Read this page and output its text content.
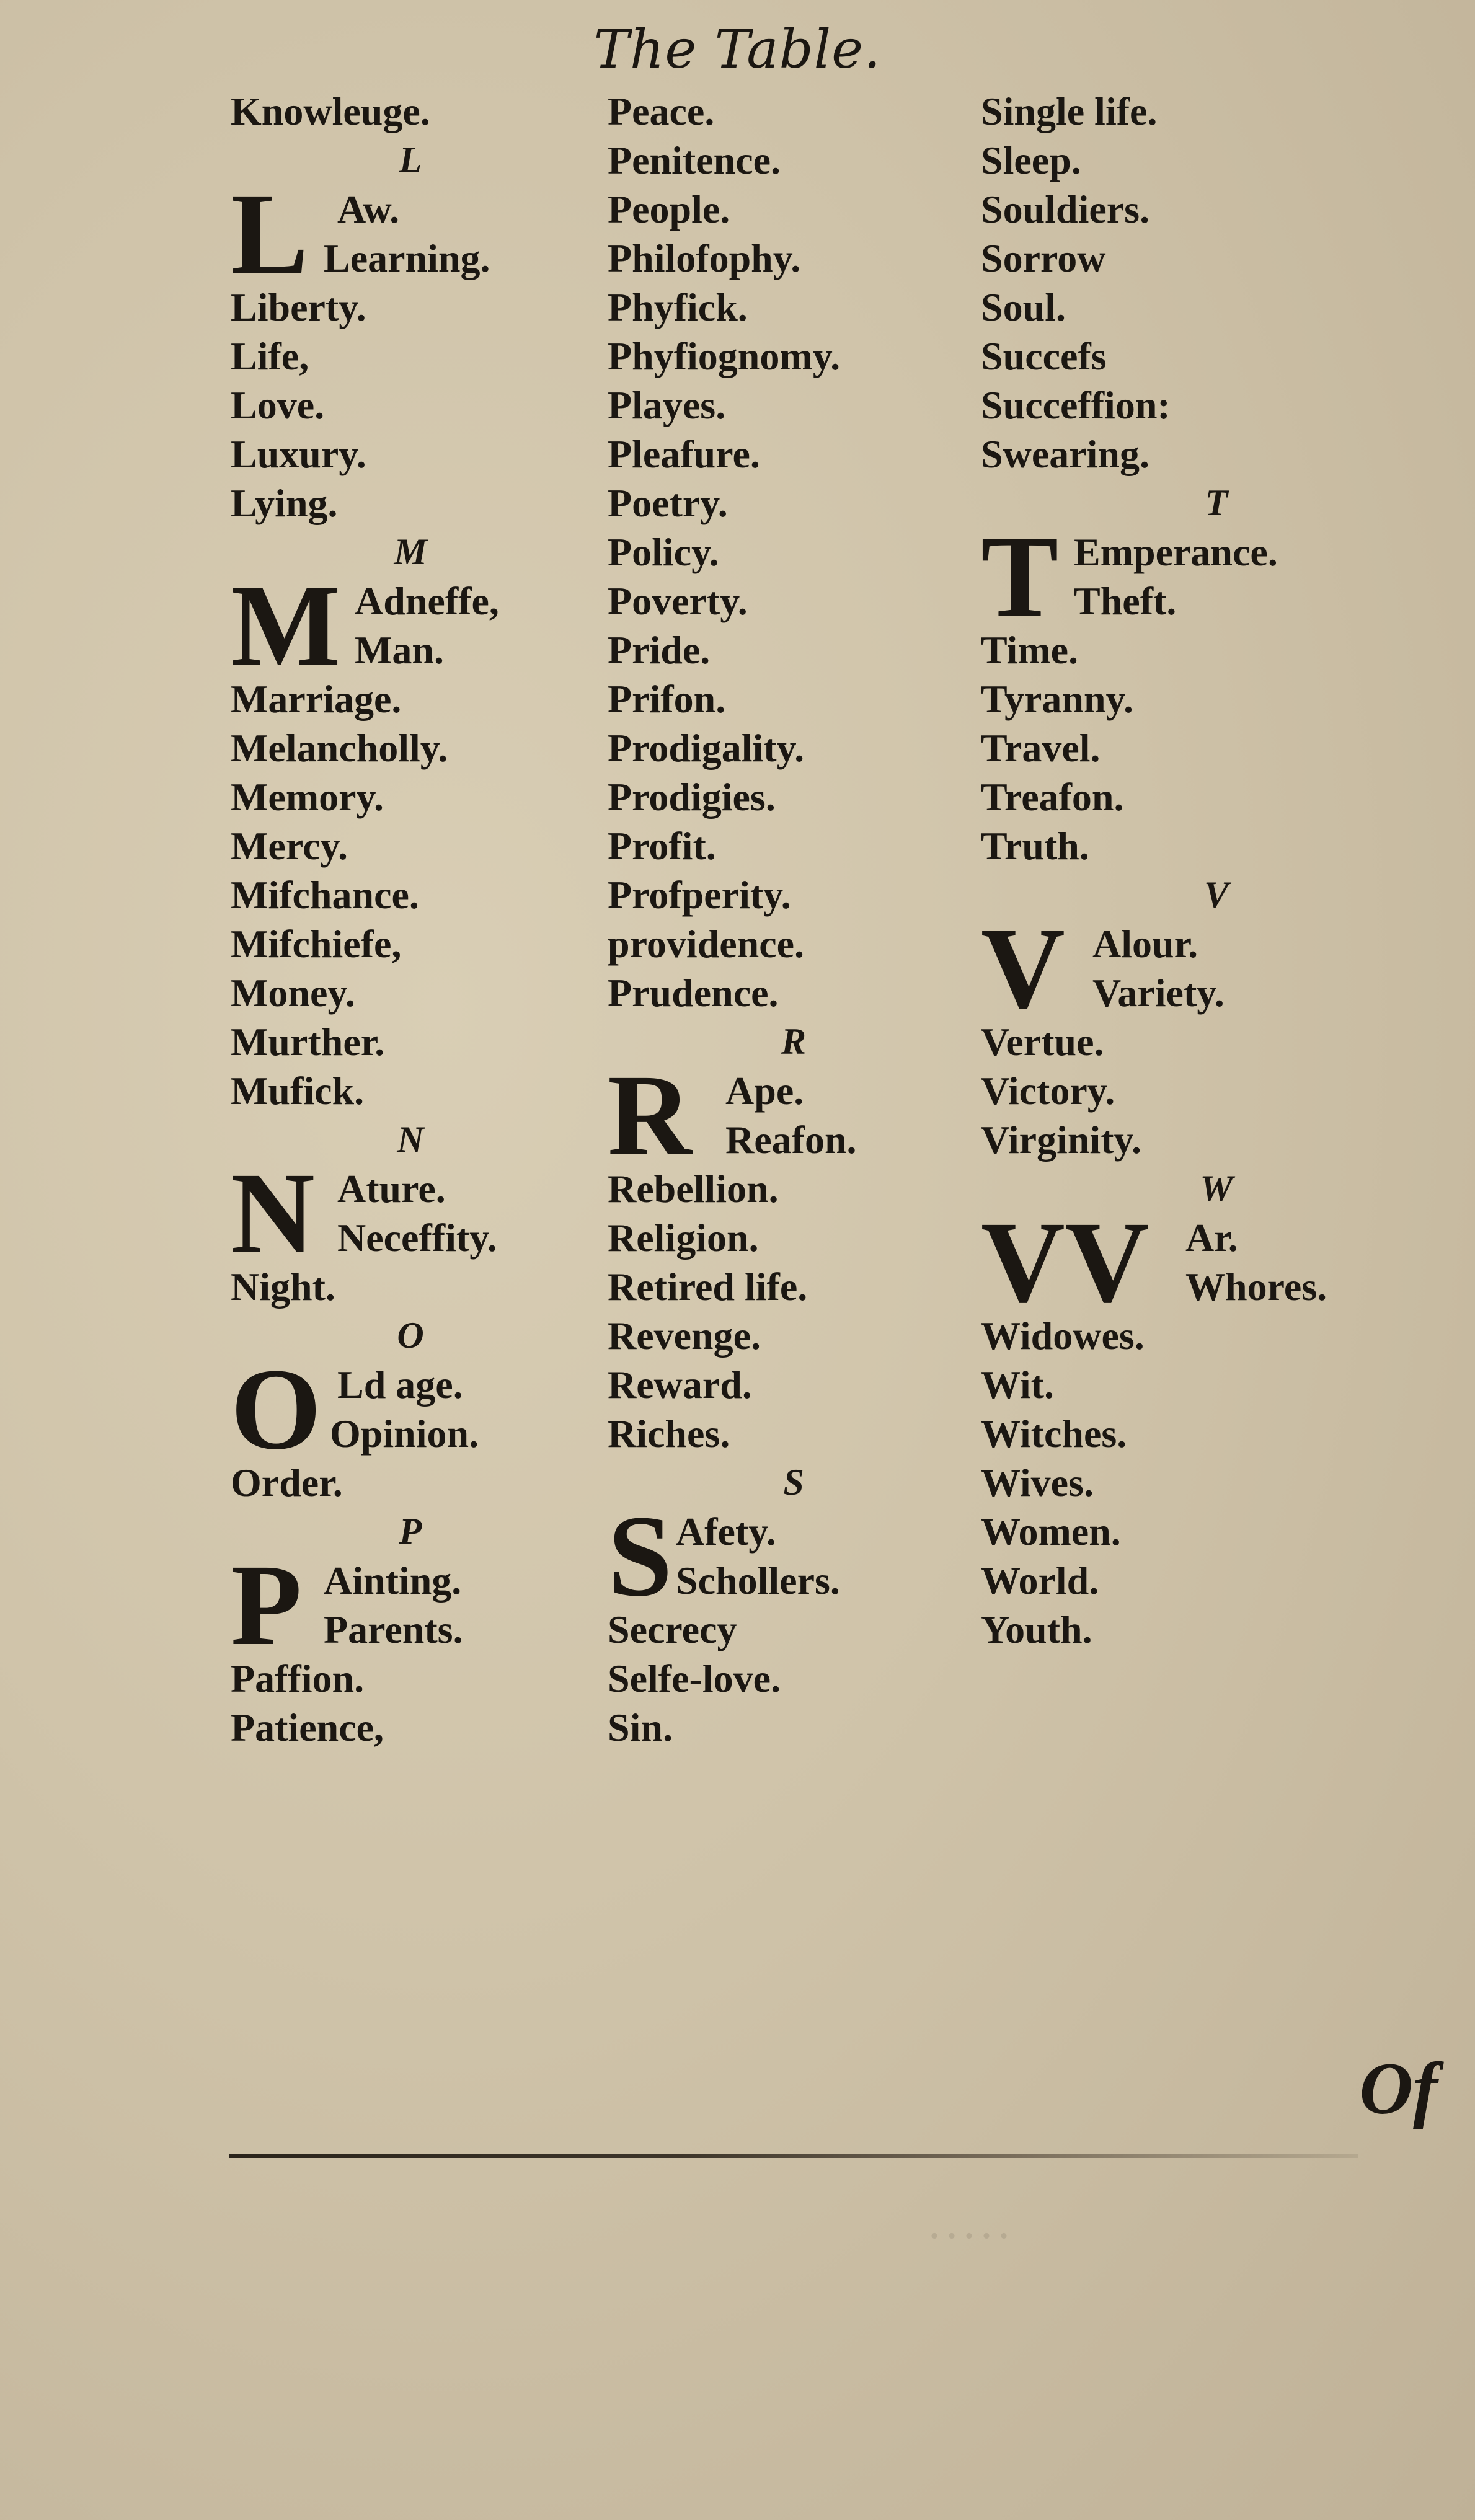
. . . . .
The Table.
Knowleuge.
L
L Aw.
Learning.
Liberty.
Life,
Love.
Luxury.
Lying.
M
M Adneffe,
Man.
Marriage.
Melancholly.
Memory.
Mercy.
Mifchance.
Mifchiefe,
Money.
Murther.
Mufick.
N
N Ature.
Neceffity.
Night.
O
O Ld age.
Opinion.
Order.
P
P Ainting.
Parents.
Paffion.
Patience,
Peace.
Penitence.
People.
Philofophy.
Phyfick.
Phyfiognomy.
Playes.
Pleafure.
Poetry.
Policy.
Poverty.
Pride.
Prifon.
Prodigality.
Prodigies.
Profit.
Profperity.
providence.
Prudence.
R
R Ape.
Reafon.
Rebellion.
Religion.
Retired life.
Revenge.
Reward.
Riches.
S
S Afety.
Schollers.
Secrecy
Selfe-love.
Sin.
Single life.
Sleep.
Souldiers.
Sorrow
Soul.
Succefs
Succeffion:
Swearing.
T
T Emperance.
Theft.
Time.
Tyranny.
Travel.
Treafon.
Truth.
V
V Alour.
Variety.
Vertue.
Victory.
Virginity.
W
VV Ar.
Whores.
Widowes.
Wit.
Witches.
Wives.
Women.
World.
Youth.
Of
